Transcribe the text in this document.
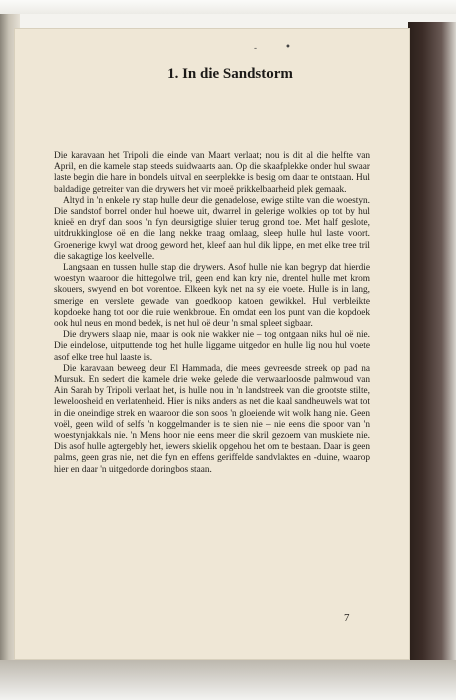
-	•
1. In die Sandstorm

Die karavaan het Tripoli die einde van Maart verlaat; nou is dit al die helfte van April, en die kamele stap steeds suidwaarts aan. Op die skaafplekke onder hul swaar laste begin die hare in bondels uitval en seerplekke is besig om daar te ontstaan. Hul baldadige getreiter van die drywers het vir moeë prikkelbaarheid plek gemaak.

Altyd in 'n enkele ry stap hulle deur die genadelose, ewige stilte van die woestyn. Die sandstof borrel onder hul hoewe uit, dwarrel in gelerige wolkies op tot by hul knieë en dryf dan soos 'n fyn deursigtige sluier terug grond toe. Met half geslote, uitdrukkinglose oë en die lang nekke traag omlaag, sleep hulle hul laste voort. Groenerige kwyl wat droog geword het, kleef aan hul dik lippe, en met elke tree tril die sakagtige los keelvelle.

Langsaan en tussen hulle stap die drywers. Asof hulle nie kan begryp dat hierdie woestyn waaroor die hittegolwe tril, geen end kan kry nie, drentel hulle met krom skouers, swyend en bot vorentoe. Elkeen kyk net na sy eie voete. Hulle is in lang, smerige en verslete gewade van goedkoop katoen gewikkel. Hul verbleikte kopdoeke hang tot oor die ruie wenkbroue. En omdat een los punt van die kopdoek ook hul neus en mond bedek, is net hul oë deur 'n smal spleet sigbaar.

Die drywers slaap nie, maar is ook nie wakker nie – tog ontgaan niks hul oë nie. Die eindelose, uitputtende tog het hulle liggame uitgedor en hulle lig nou hul voete asof elke tree hul laaste is.

Die karavaan beweeg deur El Hammada, die mees gevreesde streek op pad na Mursuk. En sedert die kamele drie weke gelede die verwaarloosde palmwoud van Ain Sarah by Tripoli verlaat het, is hulle nou in 'n landstreek van die grootste stilte, leweloosheid en verlatenheid. Hier is niks anders as net die kaal sandheuwels wat tot in die oneindige strek en waaroor die son soos 'n gloeiende wit wolk hang nie. Geen voël, geen wild of selfs 'n koggelmander is te sien nie – nie eens die spoor van 'n woestynjakkals nie. 'n Mens hoor nie eens meer die skril gezoem van muskiete nie. Dis asof hulle agtergebly het, iewers skielik opgehou het om te bestaan. Daar is geen palms, geen gras nie, net die fyn en effens geriffelde sandvlaktes en -duine, waarop hier en daar 'n uitgedorde doringbos staan.

7
